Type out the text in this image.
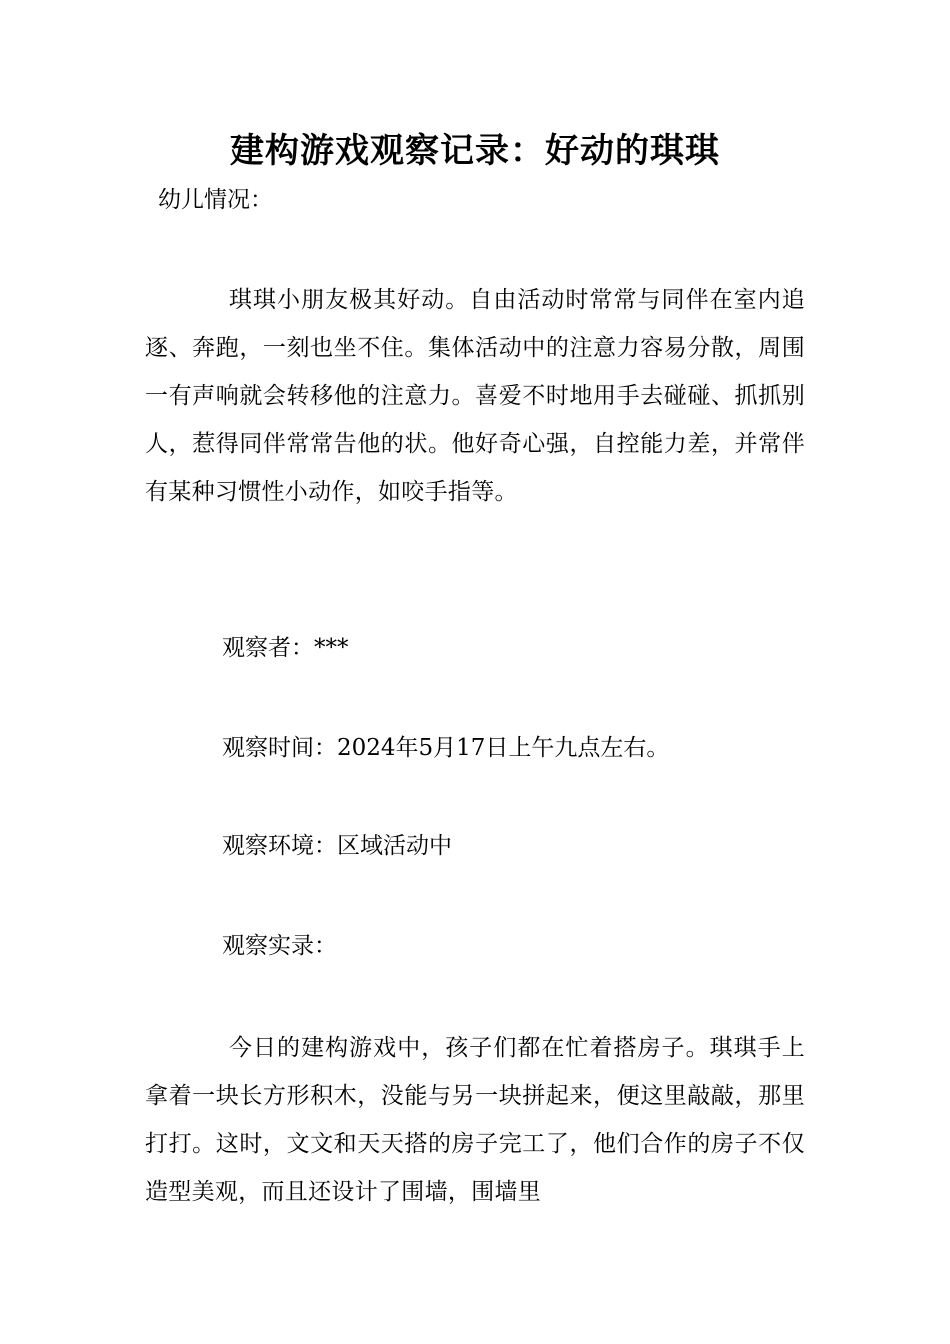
建构游戏观察记录：好动的琪琪

幼儿情况：

琪琪小朋友极其好动。自由活动时常常与同伴在室内追逐、奔跑，一刻也坐不住。集体活动中的注意力容易分散，周围一有声响就会转移他的注意力。喜爱不时地用手去碰碰、抓抓别人，惹得同伴常常告他的状。他好奇心强，自控能力差，并常伴有某种习惯性小动作，如咬手指等。

观察者：***

观察时间：2024年5月17日上午九点左右。

观察环境：区域活动中

观察实录：

今日的建构游戏中，孩子们都在忙着搭房子。琪琪手上拿着一块长方形积木，没能与另一块拼起来，便这里敲敲，那里打打。这时，文文和天天搭的房子完工了，他们合作的房子不仅造型美观，而且还设计了围墙，围墙里
